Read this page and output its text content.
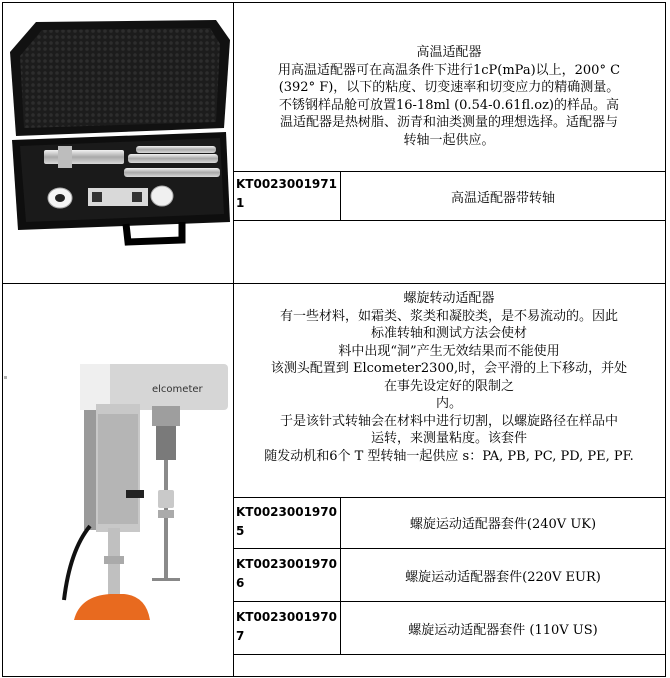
高温适配器
用高温适配器可在高温条件下进行1cP(mPa)以上，200° C
(392° F)，以下的粘度、切变速率和切变应力的精确测量。
不锈钢样品舱可放置16-18ml (0.54-0.61fl.oz)的样品。高
温适配器是热树脂、沥青和油类测量的理想选择。适配器与
转轴一起供应。
KT00230019711	高温适配器带转轴
elcometer
螺旋转动适配器
有一些材料，如霜类、浆类和凝胶类，是不易流动的。因此
标准转轴和测试方法会使材
料中出现“洞”产生无效结果而不能使用
该测头配置到 Elcometer2300,时，会平滑的上下移动，并处
在事先设定好的限制之
内。
于是该针式转轴会在材料中进行切割，以螺旋路径在样品中
运转，来测量粘度。该套件
随发动机和6个 T 型转轴一起供应 s：PA, PB, PC, PD, PE, PF.
KT00230019705	螺旋运动适配器套件(240V UK)
KT00230019706	螺旋运动适配器套件(220V EUR)
KT00230019707	螺旋运动适配器套件 (110V US)
